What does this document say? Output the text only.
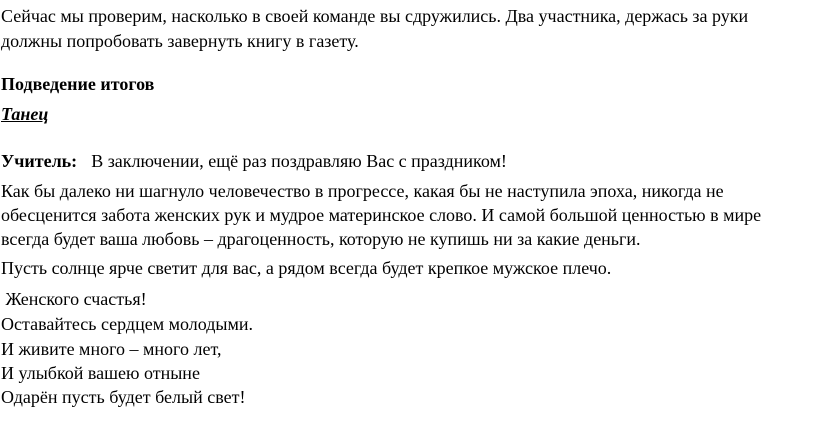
Сейчас мы проверим, насколько в своей команде вы сдружились. Два участника, держась за руки
должны попробовать завернуть книгу в газету.
Подведение итогов
Танец
Учитель: В заключении, ещё раз поздравляю Вас с праздником!
Как бы далеко ни шагнуло человечество в прогрессе, какая бы не наступила эпоха, никогда не
обесценится забота женских рук и мудрое материнское слово. И самой большой ценностью в мире
всегда будет ваша любовь – драгоценность, которую не купишь ни за какие деньги.
Пусть солнце ярче светит для вас, а рядом всегда будет крепкое мужское плечо.
Женского счастья!
Оставайтесь сердцем молодыми.
И живите много – много лет,
И улыбкой вашею отныне
Одарён пусть будет белый свет!
